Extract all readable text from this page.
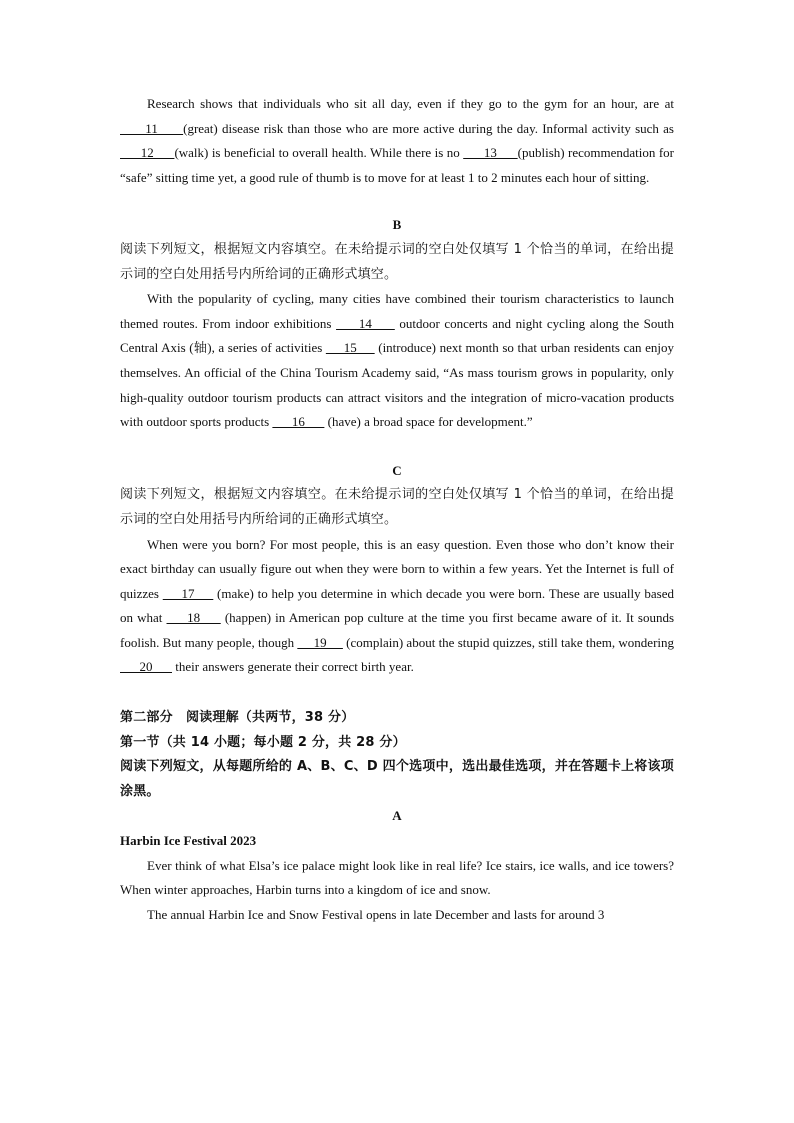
Research shows that individuals who sit all day, even if they go to the gym for an hour, are at       11      (great) disease risk than those who are more active during the day. Informal activity such as       12      (walk) is beneficial to overall health. While there is no       13      (publish) recommendation for “safe” sitting time yet, a good rule of thumb is to move for at least 1 to 2 minutes each hour of sitting.

B

阅读下列短文，根据短文内容填空。在未给提示词的空白处仅填写 1 个恰当的单词，在给出提示词的空白处用括号内所给词的正确形式填空。

With the popularity of cycling, many cities have combined their tourism characteristics to launch themed routes. From indoor exhibitions      14      outdoor concerts and night cycling along the South Central Axis (轴), a series of activities      15      (introduce) next month so that urban residents can enjoy themselves. An official of the China Tourism Academy said, “As mass tourism grows in popularity, only high-quality outdoor tourism products can attract visitors and the integration of micro-vacation products with outdoor sports products       16       (have) a broad space for development.”

C

阅读下列短文，根据短文内容填空。在未给提示词的空白处仅填写 1 个恰当的单词，在给出提示词的空白处用括号内所给词的正确形式填空。

When were you born? For most people, this is an easy question. Even those who don’t know their exact birthday can usually figure out when they were born to within a few years. Yet the Internet is full of quizzes      17      (make) to help you determine in which decade you were born. These are usually based on what      18      (happen) in American pop culture at the time you first became aware of it. It sounds foolish. But many people, though      19      (complain) about the stupid quizzes, still take them, wondering       20       their answers generate their correct birth year.

第二部分　阅读理解（共两节，38 分）

第一节（共 14 小题；每小题 2 分，共 28 分）

阅读下列短文，从每题所给的 A、B、C、D 四个选项中，选出最佳选项，并在答题卡上将该项涂黑。

A

Harbin Ice Festival 2023

Ever think of what Elsa’s ice palace might look like in real life? Ice stairs, ice walls, and ice towers? When winter approaches, Harbin turns into a kingdom of ice and snow.

The annual Harbin Ice and Snow Festival opens in late December and lasts for around 3
